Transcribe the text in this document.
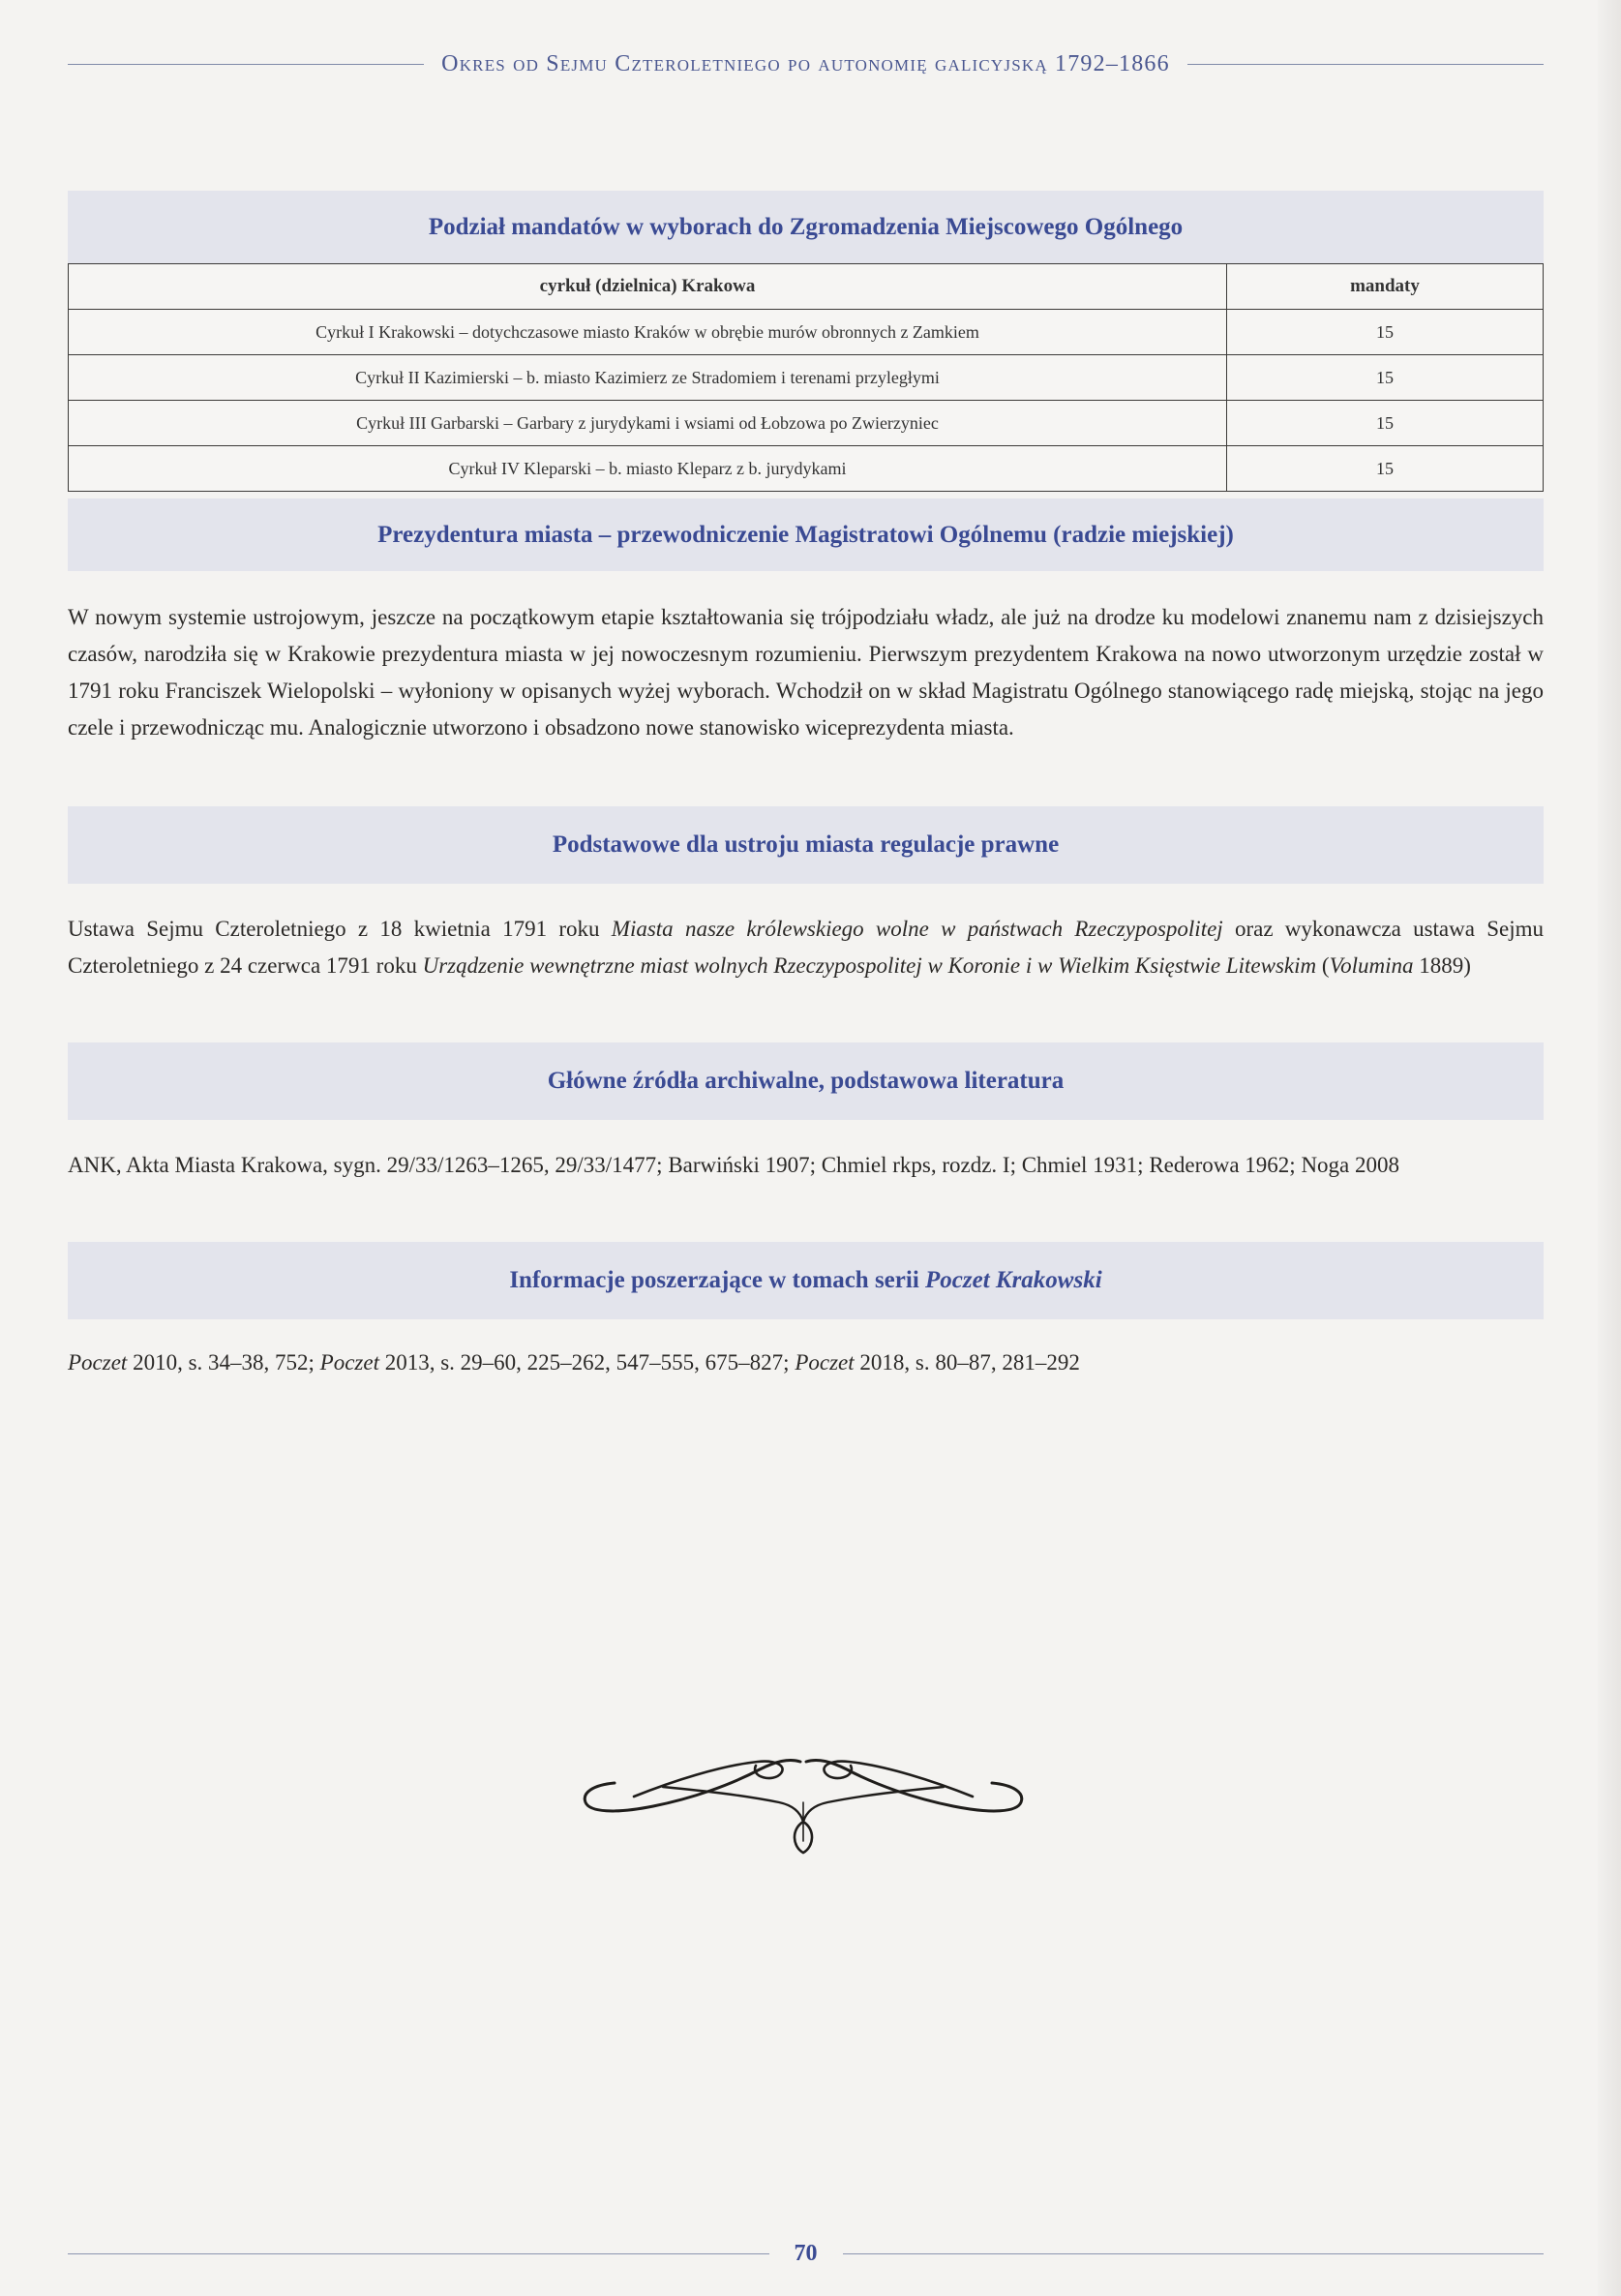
Okres od Sejmu Czteroletniego po autonomię galicyjską 1792–1866
Podział mandatów w wyborach do Zgromadzenia Miejscowego Ogólnego
cyrkuł (dzielnica) Krakowa	mandaty
Cyrkuł I Krakowski – dotychczasowe miasto Kraków w obrębie murów obronnych z Zamkiem	15
Cyrkuł II Kazimierski – b. miasto Kazimierz ze Stradomiem i terenami przyległymi	15
Cyrkuł III Garbarski – Garbary z jurydykami i wsiami od Łobzowa po Zwierzyniec	15
Cyrkuł IV Kleparski – b. miasto Kleparz z b. jurydykami	15
Prezydentura miasta – przewodniczenie Magistratowi Ogólnemu (radzie miejskiej)

W nowym systemie ustrojowym, jeszcze na początkowym etapie kształtowania się trójpodziału władz, ale już na drodze ku modelowi znanemu nam z dzisiejszych czasów, narodziła się w Krakowie prezydentura miasta w jej nowoczesnym rozumieniu. Pierwszym prezydentem Krakowa na nowo utworzonym urzędzie został w 1791 roku Franciszek Wielopolski – wyłoniony w opisanych wyżej wyborach. Wchodził on w skład Magistratu Ogólnego stanowiącego radę miejską, stojąc na jego czele i przewodnicząc mu. Analogicznie utworzono i obsadzono nowe stanowisko wiceprezydenta miasta.

Podstawowe dla ustroju miasta regulacje prawne

Ustawa Sejmu Czteroletniego z 18 kwietnia 1791 roku Miasta nasze królewskiego wolne w państwach Rzeczypospolitej oraz wykonawcza ustawa Sejmu Czteroletniego z 24 czerwca 1791 roku Urządzenie wewnętrzne miast wolnych Rzeczypospolitej w Koronie i w Wielkim Księstwie Litewskim (Volumina 1889)

Główne źródła archiwalne, podstawowa literatura

ANK, Akta Miasta Krakowa, sygn. 29/33/1263–1265, 29/33/1477; Barwiński 1907; Chmiel rkps, rozdz. I; Chmiel 1931; Rederowa 1962; Noga 2008

Informacje poszerzające w tomach serii Poczet Krakowski

Poczet 2010, s. 34–38, 752; Poczet 2013, s. 29–60, 225–262, 547–555, 675–827; Poczet 2018, s. 80–87, 281–292

70
